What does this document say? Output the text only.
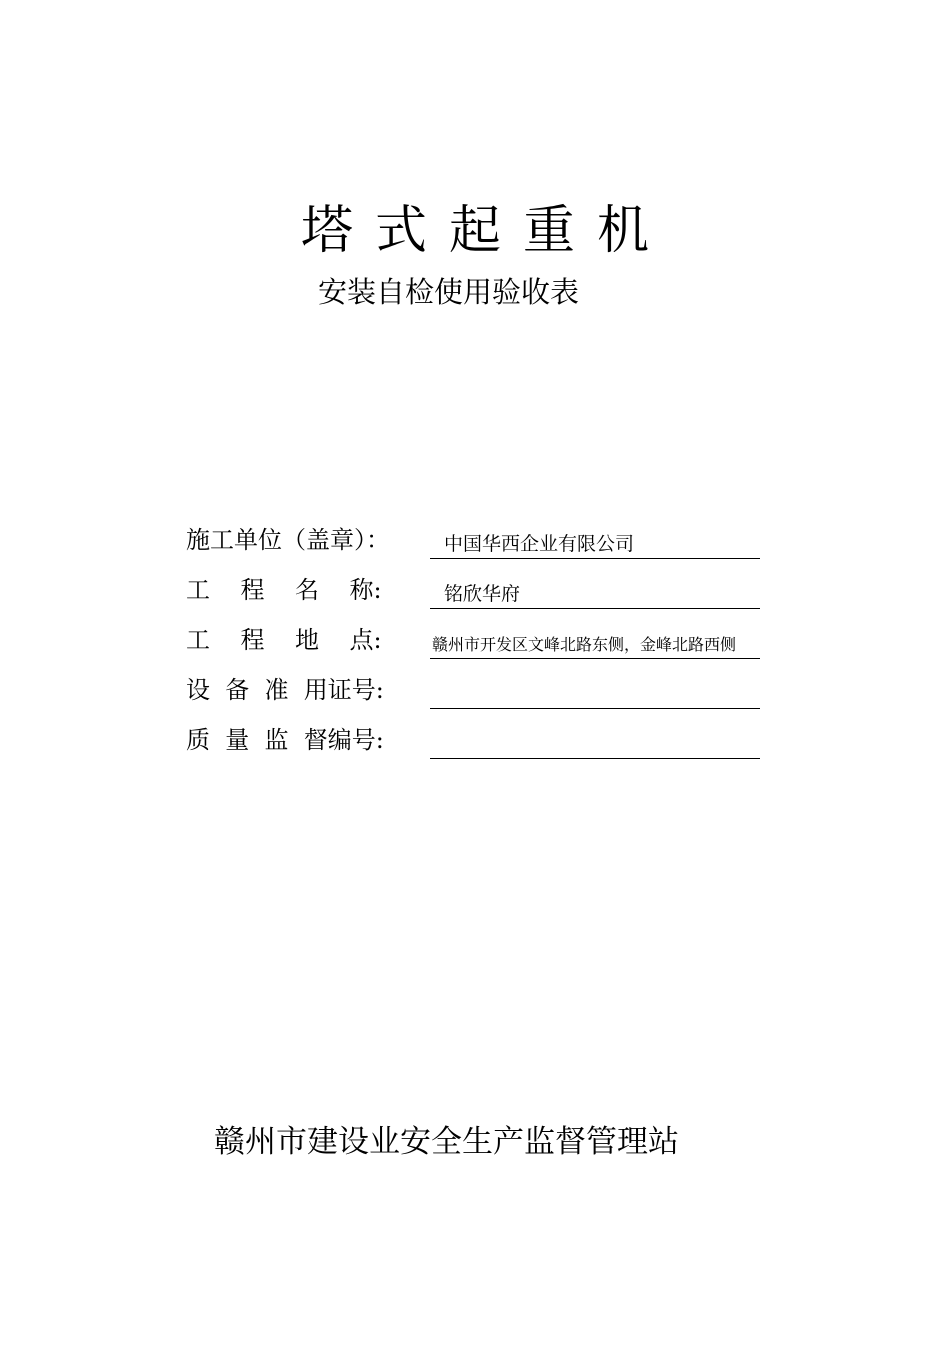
塔式起重机
安装自检使用验收表
施工单位（盖章）：	中国华西企业有限公司
工    程    名    称:	铭欣华府
工    程    地    点:	赣州市开发区文峰北路东侧，金峰北路西侧
设  备  准  用证号:
质  量  监  督编号:

赣州市建设业安全生产监督管理站
